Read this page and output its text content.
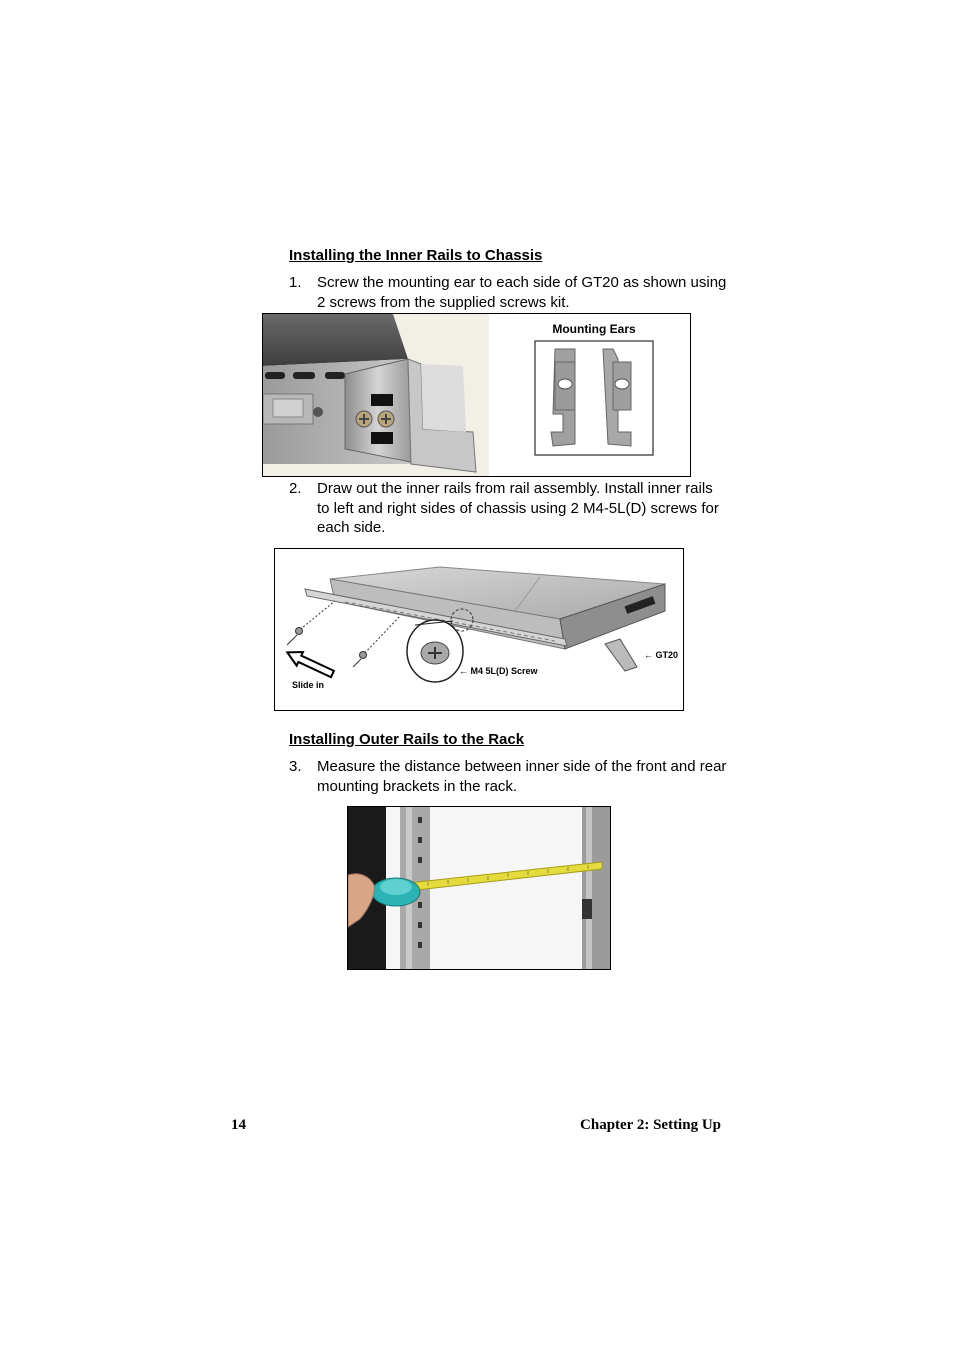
Installing the Inner Rails to Chassis
1. Screw the mounting ear to each side of GT20 as shown using 2 screws from the supplied screws kit.
Mounting Ears
2. Draw out the inner rails from rail assembly. Install inner rails to left and right sides of chassis using 2 M4-5L(D) screws for each side.
Slide in
← M4 5L(D) Screw
← GT20
Installing Outer Rails to the Rack
3. Measure the distance between inner side of the front and rear mounting brackets in the rack.
14	Chapter 2: Setting Up
